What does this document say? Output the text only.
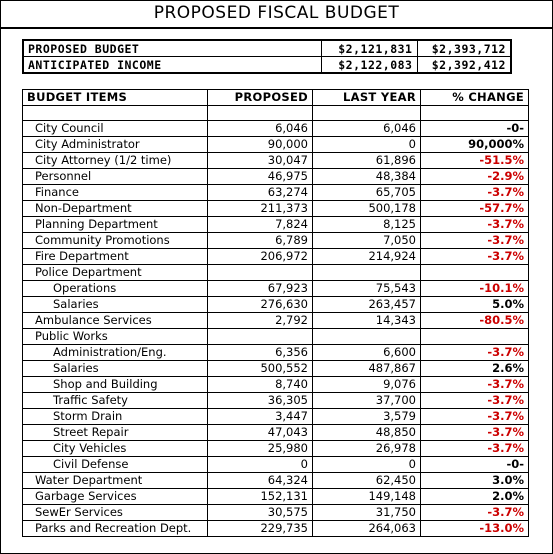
PROPOSED FISCAL BUDGET
PROPOSED BUDGET	$2,121,831	$2,393,712
ANTICIPATED INCOME	$2,122,083	$2,392,412
BUDGET ITEMS	PROPOSED	LAST YEAR	% CHANGE

City Council	6,046	6,046	-0-
City Administrator	90,000	0	90,000%
City Attorney (1/2 time)	30,047	61,896	-51.5%
Personnel	46,975	48,384	-2.9%
Finance	63,274	65,705	-3.7%
Non-Department	211,373	500,178	-57.7%
Planning Department	7,824	8,125	-3.7%
Community Promotions	6,789	7,050	-3.7%
Fire Department	206,972	214,924	-3.7%
Police Department			
Operations	67,923	75,543	-10.1%
Salaries	276,630	263,457	5.0%
Ambulance Services	2,792	14,343	-80.5%
Public Works			
Administration/Eng.	6,356	6,600	-3.7%
Salaries	500,552	487,867	2.6%
Shop and Building	8,740	9,076	-3.7%
Traffic Safety	36,305	37,700	-3.7%
Storm Drain	3,447	3,579	-3.7%
Street Repair	47,043	48,850	-3.7%
City Vehicles	25,980	26,978	-3.7%
Civil Defense	0	0	-0-
Water Department	64,324	62,450	3.0%
Garbage Services	152,131	149,148	2.0%
SewEr Services	30,575	31,750	-3.7%
Parks and Recreation Dept.	229,735	264,063	-13.0%
